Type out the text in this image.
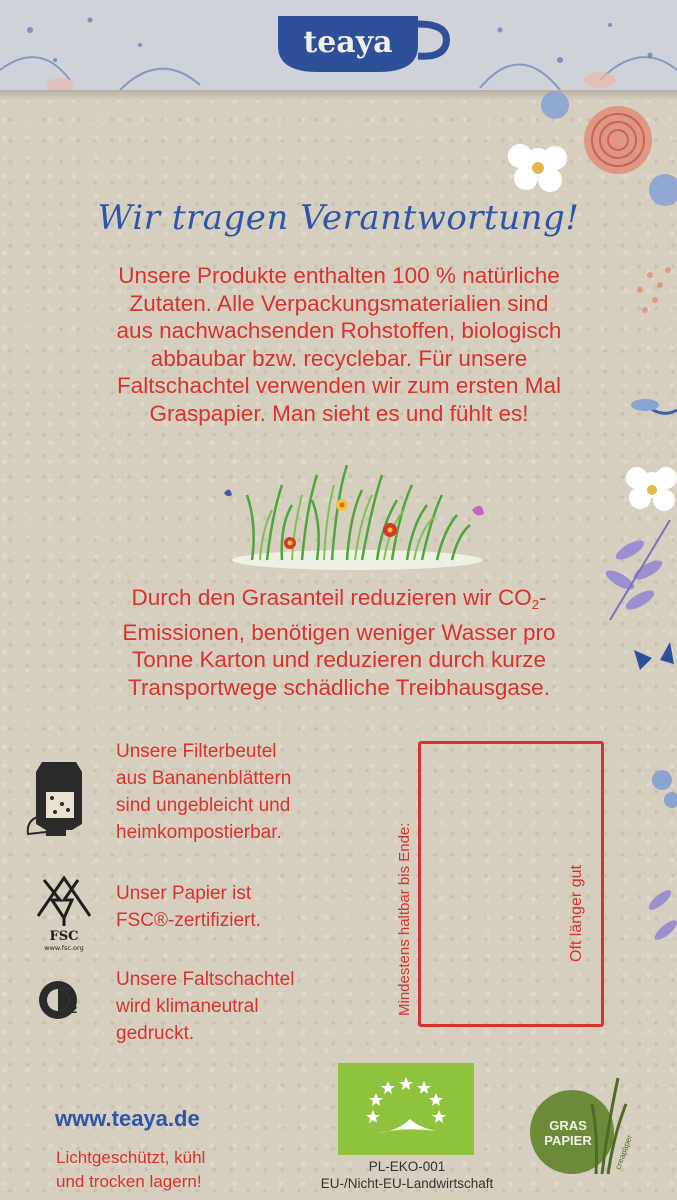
teaya
Wir tragen Verantwortung!

Unsere Produkte enthalten 100 % natürliche
Zutaten. Alle Verpackungsmaterialien sind
aus nachwachsenden Rohstoffen, biologisch
abbaubar bzw. recyclebar. Für unsere
Faltschachtel verwenden wir zum ersten Mal
Graspapier. Man sieht es und fühlt es!

Durch den Grasanteil reduzieren wir $CO_2-$
Emissionen, benötigen weniger Wasser pro
Tonne Karton und reduzieren durch kurze
Transportwege schädliche Treibhausgase.

Unsere Filterbeutel
aus Bananenblättern
sind ungebleicht und
heimkompostierbar.

FSC
www.fsc.org

Unser Papier ist
FSC®-zertifiziert.

2

Unsere Faltschachtel
wird klimaneutral
gedruckt.

Mindestens haltbar bis Ende:	Oft länger gut
www.teaya.de

Lichtgeschützt, kühl
und trocken lagern!

PL-EKO-001
EU-/Nicht-EU-Landwirtschaft
GRAS
PAPIER	creapaper
